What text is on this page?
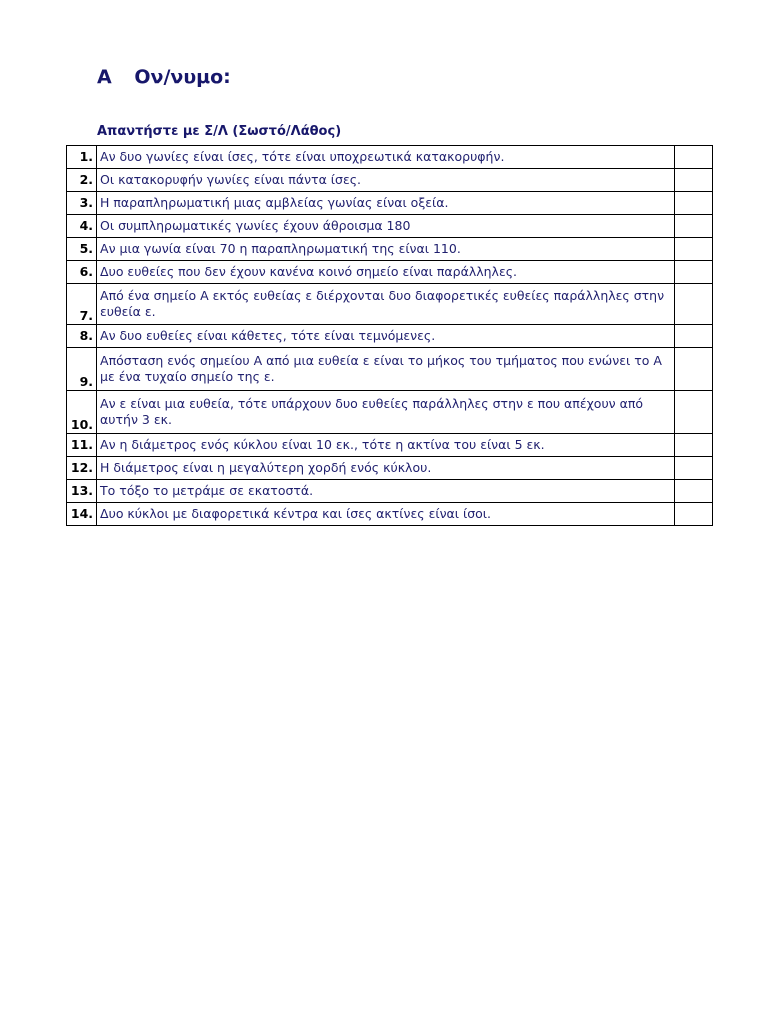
Α Ον/νυμο:
Απαντήστε με Σ/Λ (Σωστό/Λάθος)
1.	Αν δυο γωνίες είναι ίσες, τότε είναι υποχρεωτικά κατακορυφήν.	
2.	Οι κατακορυφήν γωνίες είναι πάντα ίσες.	
3.	Η παραπληρωματική μιας αμβλείας γωνίας είναι οξεία.	
4.	Οι συμπληρωματικές γωνίες έχουν άθροισμα 180	
5.	Αν μια γωνία είναι 70 η παραπληρωματική της είναι 110.	
6.	Δυο ευθείες που δεν έχουν κανένα κοινό σημείο είναι παράλληλες.	
7.	Από ένα σημείο Α εκτός ευθείας ε διέρχονται δυο διαφορετικές ευθείες παράλληλες στην ευθεία ε.	
8.	Αν δυο ευθείες είναι κάθετες, τότε είναι τεμνόμενες.	
9.	Απόσταση ενός σημείου Α από μια ευθεία ε είναι το μήκος του τμήματος που ενώνει το Α με ένα τυχαίο σημείο της ε.	
10.	Αν ε είναι μια ευθεία, τότε υπάρχουν δυο ευθείες παράλληλες στην ε που απέχουν από αυτήν 3 εκ.	
11.	Αν η διάμετρος ενός κύκλου είναι 10 εκ., τότε η ακτίνα του είναι 5 εκ.	
12.	Η διάμετρος είναι η μεγαλύτερη χορδή ενός κύκλου.	
13.	Το τόξο το μετράμε σε εκατοστά.	
14.	Δυο κύκλοι με διαφορετικά κέντρα και ίσες ακτίνες είναι ίσοι.	
